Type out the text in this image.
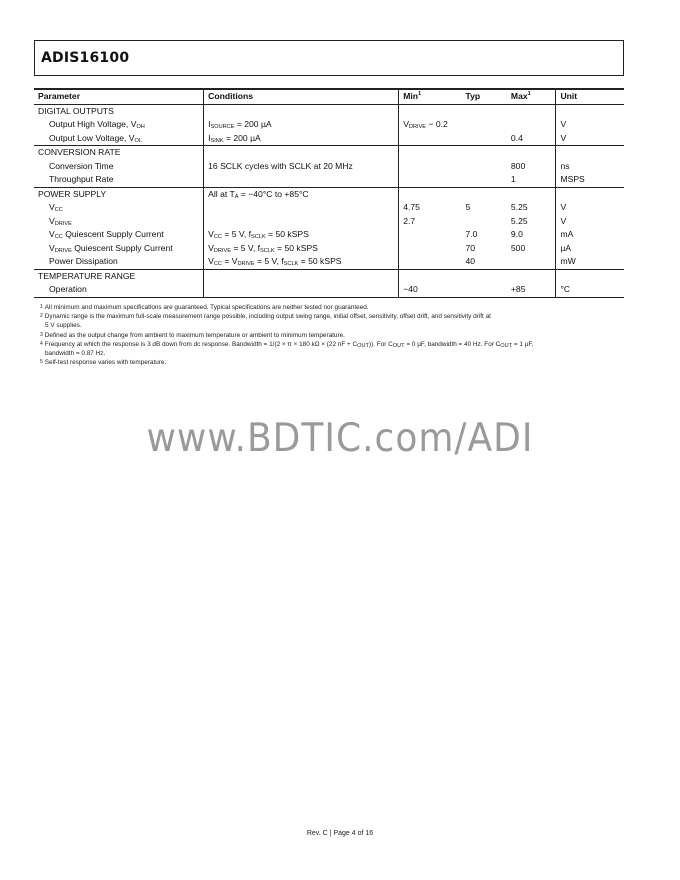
ADIS16100
Parameter	Conditions	Min$^1$	Typ	Max$^1$	Unit
DIGITAL OUTPUTS					
Output High Voltage, $V_{OH}$	$I_{SOURCE} = 200$ µA	$V_{DRIVE} - 0.2$			V
Output Low Voltage, $V_{OL}$	$I_{SINK} = 200$ µA			0.4	V
CONVERSION RATE					
Conversion Time	16 SCLK cycles with SCLK at 20 MHz			800	ns
Throughput Rate				1	MSPS
POWER SUPPLY	All at $T_A = -40^\circ C$ to +85°C				
$V_{CC}$		4.75	5	5.25	V
$V_{DRIVE}$		2.7		5.25	V
$V_{CC}$ Quiescent Supply Current	$V_{CC} = 5$ V, $f_{SCLK} = 50$ kSPS		7.0	9.0	mA
$V_{DRIVE}$ Quiescent Supply Current	$V_{DRIVE} = 5$ V, $f_{SCLK} = 50$ kSPS		70	500	µA
Power Dissipation	$V_{CC} = V_{DRIVE} = 5$ V, $f_{SCLK} = 50$ kSPS		40		mW
TEMPERATURE RANGE					
Operation		−40		+85	°C

1 All minimum and maximum specifications are guaranteed. Typical specifications are neither tested nor guaranteed.

2 Dynamic range is the maximum full-scale measurement range possible, including output swing range, initial offset, sensitivity, offset drift, and sensitivity drift at
5 V supplies.

3 Defined as the output change from ambient to maximum temperature or ambient to minimum temperature.

4 Frequency at which the response is 3 dB down from dc response. Bandwidth = 1/(2 × π × 180 kΩ × (22 nF + $C_{OUT}$)). For $C_{OUT} = 0$ µF, bandwidth = 40 Hz. For $C_{OUT} = 1$ µF,
bandwidth = 0.87 Hz.

5 Self-test response varies with temperature.

www.BDTIC.com/ADI
Rev. C | Page 4 of 16
